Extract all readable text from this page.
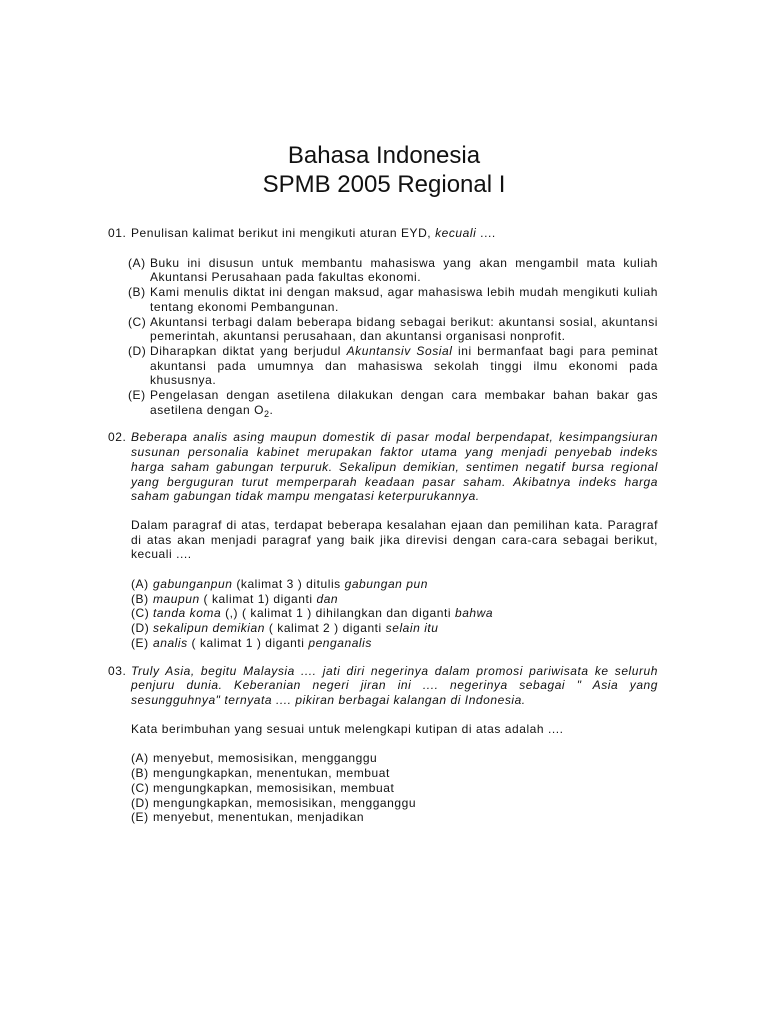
Bahasa Indonesia
SPMB 2005 Regional I
01. Penulisan kalimat berikut ini mengikuti aturan EYD, kecuali ....
(A) Buku ini disusun untuk membantu mahasiswa yang akan mengambil mata kuliah Akuntansi Perusahaan pada fakultas ekonomi.
(B) Kami menulis diktat ini dengan maksud, agar mahasiswa lebih mudah mengikuti kuliah tentang ekonomi Pembangunan.
(C) Akuntansi terbagi dalam beberapa bidang sebagai berikut: akuntansi sosial, akuntansi pemerintah, akuntansi perusahaan, dan akuntansi organisasi nonprofit.
(D) Diharapkan diktat yang berjudul Akuntansiv Sosial ini bermanfaat bagi para peminat akuntansi pada umumnya dan mahasiswa sekolah tinggi ilmu ekonomi pada khususnya.
(E) Pengelasan dengan asetilena dilakukan dengan cara membakar bahan bakar gas asetilena dengan $O_2$.
02. Beberapa analis asing maupun domestik di pasar modal berpendapat, kesimpangsiuran susunan personalia kabinet merupakan faktor utama yang menjadi penyebab indeks harga saham gabungan terpuruk. Sekalipun demikian, sentimen negatif bursa regional yang berguguran turut memperparah keadaan pasar saham. Akibatnya indeks harga saham gabungan tidak mampu mengatasi keterpurukannya.
Dalam paragraf di atas, terdapat beberapa kesalahan ejaan dan pemilihan kata. Paragraf di atas akan menjadi paragraf yang baik jika direvisi dengan cara-cara sebagai berikut, kecuali ....
(A) gabunganpun (kalimat 3 ) ditulis gabungan pun
(B) maupun ( kalimat 1) diganti dan
(C) tanda koma (,) ( kalimat 1 ) dihilangkan dan diganti bahwa
(D) sekalipun demikian ( kalimat 2 ) diganti selain itu
(E) analis ( kalimat 1 ) diganti penganalis
03. Truly Asia, begitu Malaysia .... jati diri negerinya dalam promosi pariwisata ke seluruh penjuru dunia. Keberanian negeri jiran ini .... negerinya sebagai " Asia yang sesungguhnya" ternyata .... pikiran berbagai kalangan di Indonesia.
Kata berimbuhan yang sesuai untuk melengkapi kutipan di atas adalah ....
(A) menyebut, memosisikan, mengganggu
(B) mengungkapkan, menentukan, membuat
(C) mengungkapkan, memosisikan, membuat
(D) mengungkapkan, memosisikan, mengganggu
(E) menyebut, menentukan, menjadikan
